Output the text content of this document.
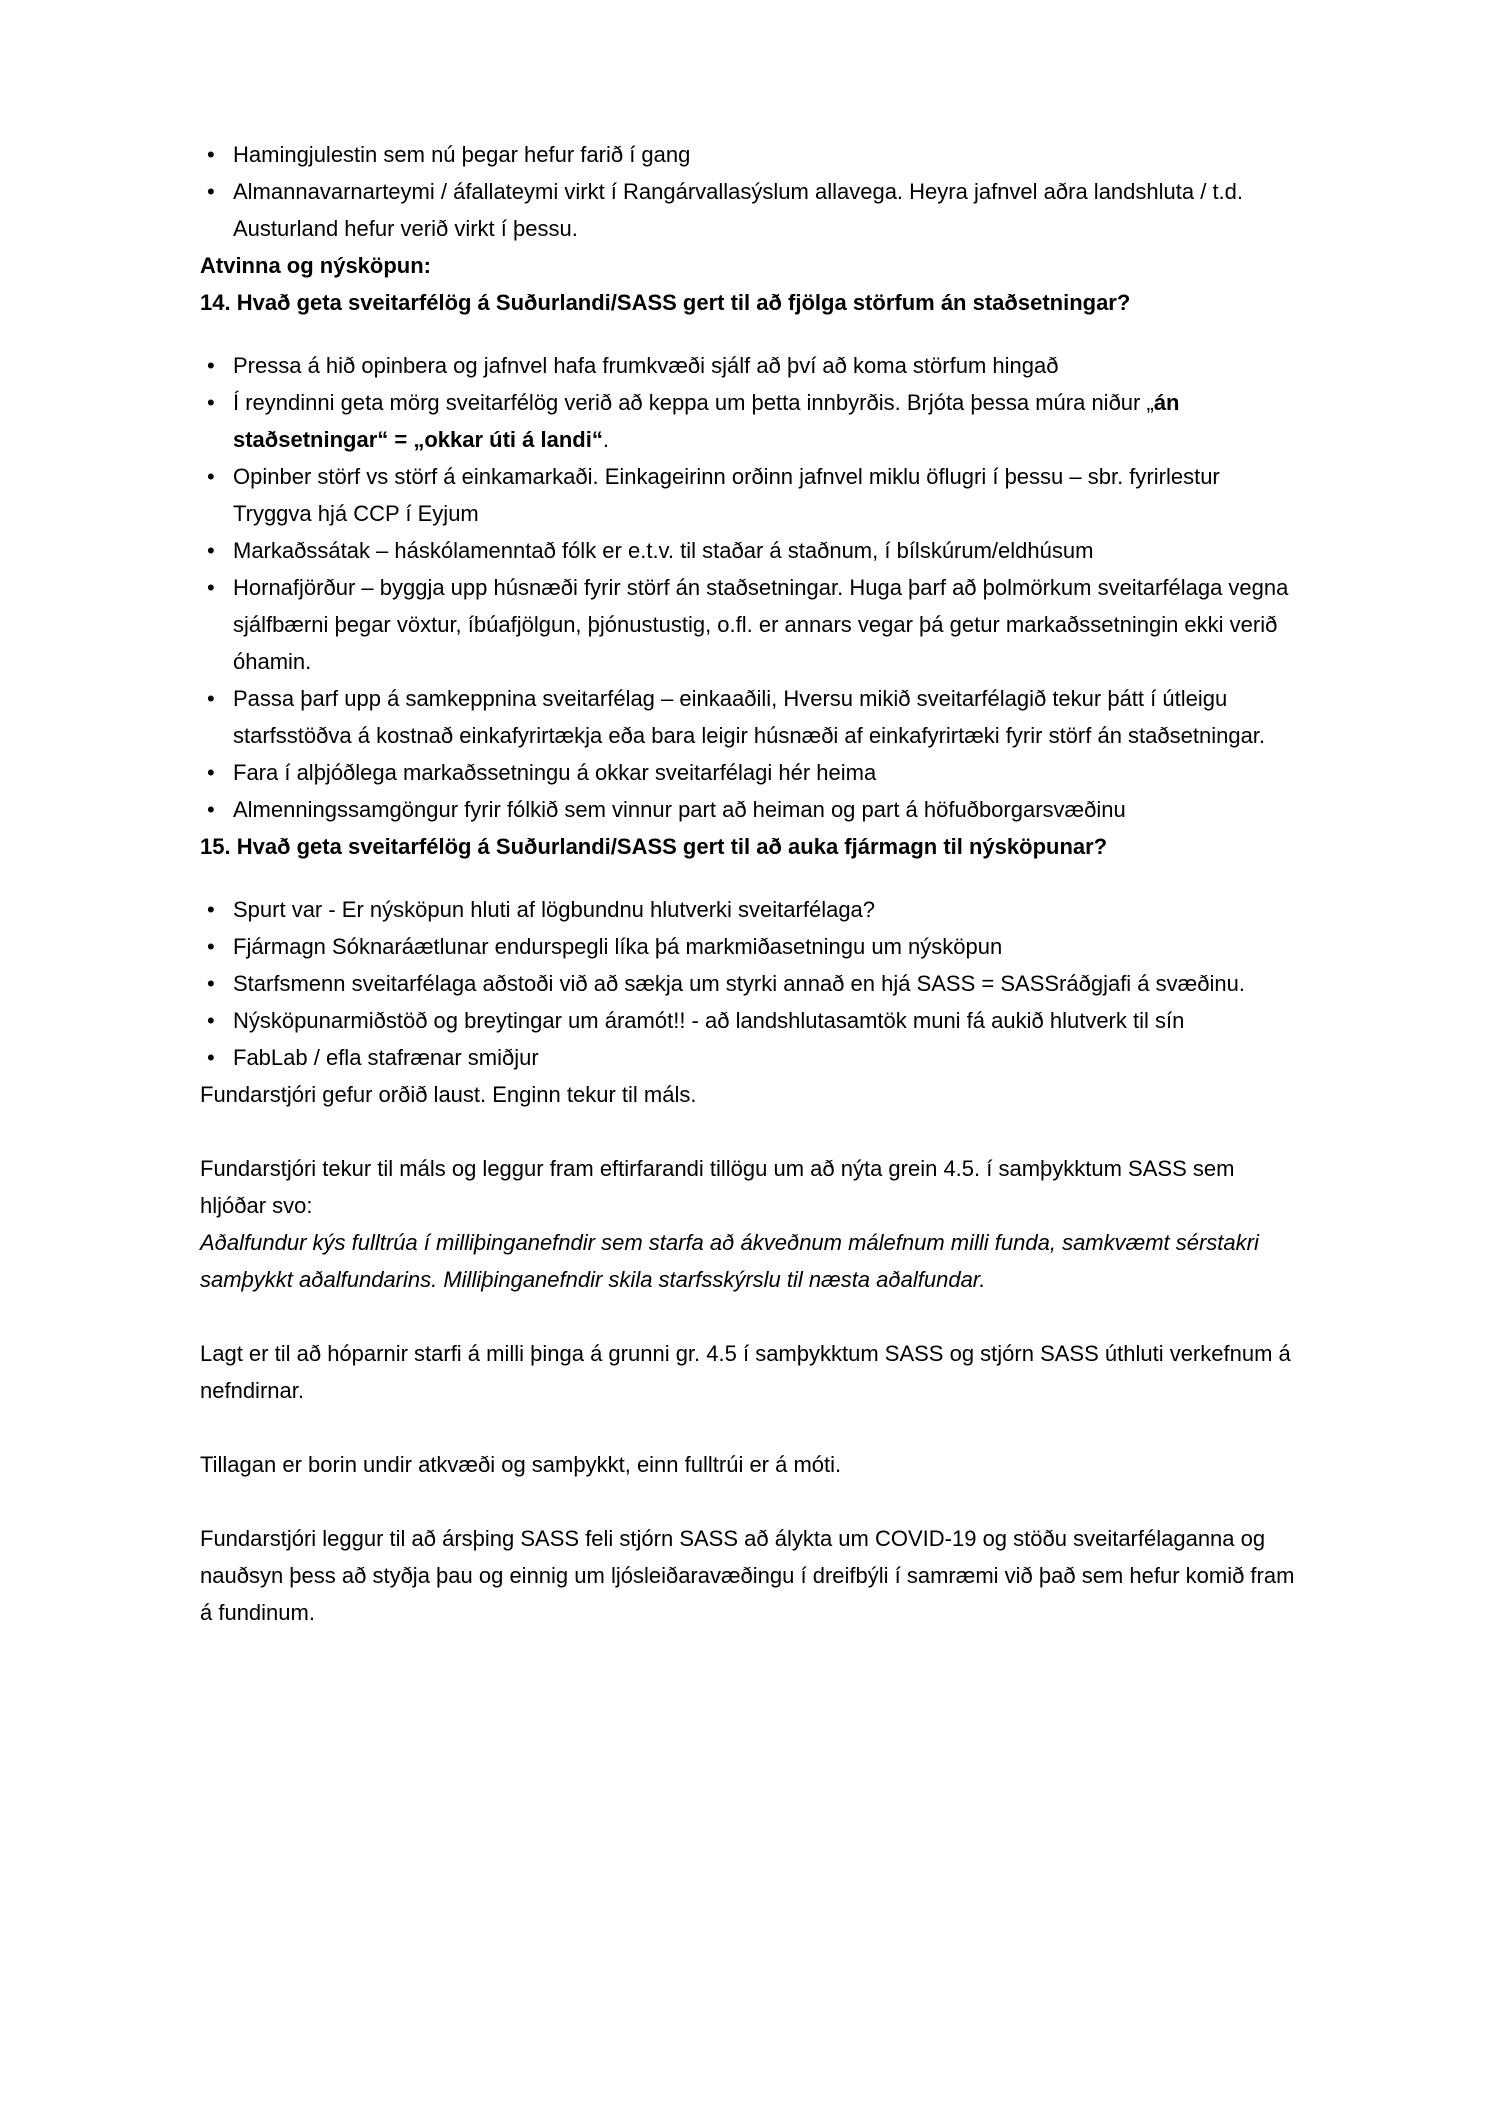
• Hamingjulestin sem nú þegar hefur farið í gang
• Almannavarnarteymi / áfallateymi virkt í Rangárvallasýslum allavega. Heyra jafnvel aðra landshluta / t.d. Austurland hefur verið virkt í þessu.

Atvinna og nýsköpun:

14. Hvað geta sveitarfélög á Suðurlandi/SASS gert til að fjölga störfum án staðsetningar?

• Pressa á hið opinbera og jafnvel hafa frumkvæði sjálf að því að koma störfum hingað
• Í reyndinni geta mörg sveitarfélög verið að keppa um þetta innbyrðis. Brjóta þessa múra niður „án staðsetningar“ = „okkar úti á landi“.
• Opinber störf vs störf á einkamarkaði. Einkageirinn orðinn jafnvel miklu öflugri í þessu – sbr. fyrirlestur Tryggva hjá CCP í Eyjum
• Markaðssátak – háskólamenntað fólk er e.t.v. til staðar á staðnum, í bílskúrum/eldhúsum
• Hornafjörður – byggja upp húsnæði fyrir störf án staðsetningar. Huga þarf að þolmörkum sveitarfélaga vegna sjálfbærni þegar vöxtur, íbúafjölgun, þjónustustig, o.fl. er annars vegar þá getur markaðssetningin ekki verið óhamin.
• Passa þarf upp á samkeppnina sveitarfélag – einkaaðili, Hversu mikið sveitarfélagið tekur þátt í útleigu starfsstöðva á kostnað einkafyrirtækja eða bara leigir húsnæði af einkafyrirtæki fyrir störf án staðsetningar.
• Fara í alþjóðlega markaðssetningu á okkar sveitarfélagi hér heima
• Almenningssamgöngur fyrir fólkið sem vinnur part að heiman og part á höfuðborgarsvæðinu

15. Hvað geta sveitarfélög á Suðurlandi/SASS gert til að auka fjármagn til nýsköpunar?

• Spurt var - Er nýsköpun hluti af lögbundnu hlutverki sveitarfélaga?
• Fjármagn Sóknaráætlunar endurspegli líka þá markmiðasetningu um nýsköpun
• Starfsmenn sveitarfélaga aðstoði við að sækja um styrki annað en hjá SASS = SASSráðgjafi á svæðinu.
• Nýsköpunarmiðstöð og breytingar um áramót!! - að landshlutasamtök muni fá aukið hlutverk til sín
• FabLab / efla stafrænar smiðjur

Fundarstjóri gefur orðið laust. Enginn tekur til máls.

Fundarstjóri tekur til máls og leggur fram eftirfarandi tillögu um að nýta grein 4.5. í samþykktum SASS sem hljóðar svo:

Aðalfundur kýs fulltrúa í milliþinganefndir sem starfa að ákveðnum málefnum milli funda, samkvæmt sérstakri samþykkt aðalfundarins. Milliþinganefndir skila starfsskýrslu til næsta aðalfundar.

Lagt er til að hóparnir starfi á milli þinga á grunni gr. 4.5 í samþykktum SASS og stjórn SASS úthluti verkefnum á nefndirnar.

Tillagan er borin undir atkvæði og samþykkt, einn fulltrúi er á móti.

Fundarstjóri leggur til að ársþing SASS feli stjórn SASS að álykta um COVID-19 og stöðu sveitarfélaganna og nauðsyn þess að styðja þau og einnig um ljósleiðaravæðingu í dreifbýli í samræmi við það sem hefur komið fram á fundinum.
